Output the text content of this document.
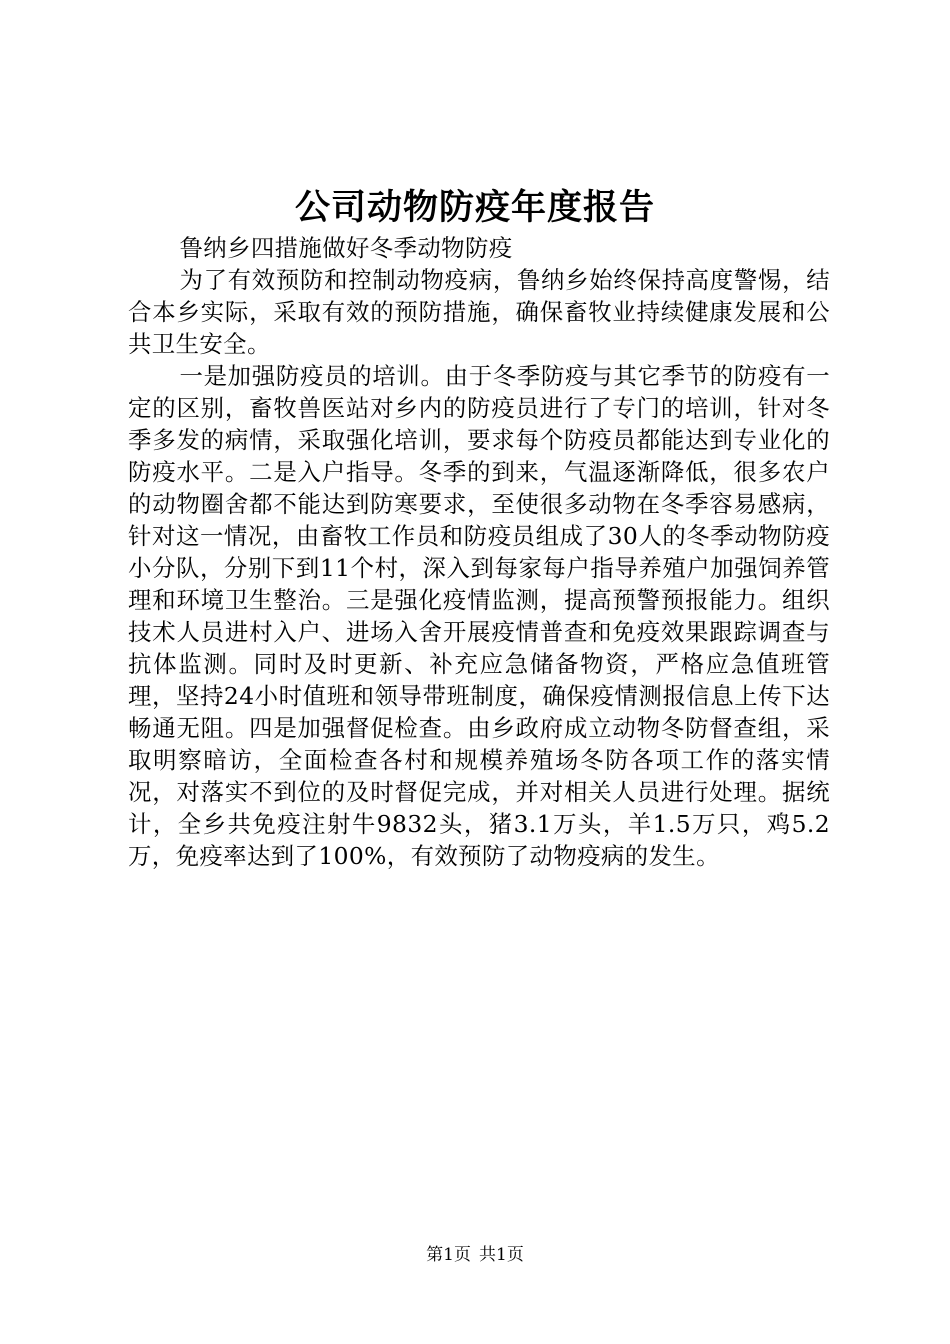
公司动物防疫年度报告

鲁纳乡四措施做好冬季动物防疫

为了有效预防和控制动物疫病，鲁纳乡始终保持高度警惕，结合本乡实际，采取有效的预防措施，确保畜牧业持续健康发展和公共卫生安全。

一是加强防疫员的培训。由于冬季防疫与其它季节的防疫有一定的区别，畜牧兽医站对乡内的防疫员进行了专门的培训，针对冬季多发的病情，采取强化培训，要求每个防疫员都能达到专业化的防疫水平。二是入户指导。冬季的到来，气温逐渐降低，很多农户的动物圈舍都不能达到防寒要求，至使很多动物在冬季容易感病，针对这一情况，由畜牧工作员和防疫员组成了30人的冬季动物防疫小分队，分别下到11个村，深入到每家每户指导养殖户加强饲养管理和环境卫生整治。三是强化疫情监测，提高预警预报能力。组织技术人员进村入户、进场入舍开展疫情普查和免疫效果跟踪调查与抗体监测。同时及时更新、补充应急储备物资，严格应急值班管理，坚持24小时值班和领导带班制度，确保疫情测报信息上传下达畅通无阻。四是加强督促检查。由乡政府成立动物冬防督查组，采取明察暗访，全面检查各村和规模养殖场冬防各项工作的落实情况，对落实不到位的及时督促完成，并对相关人员进行处理。据统计，全乡共免疫注射牛9832头，猪3.1万头，羊1.5万只，鸡5.2万，免疫率达到了100%，有效预防了动物疫病的发生。

第1页 共1页
